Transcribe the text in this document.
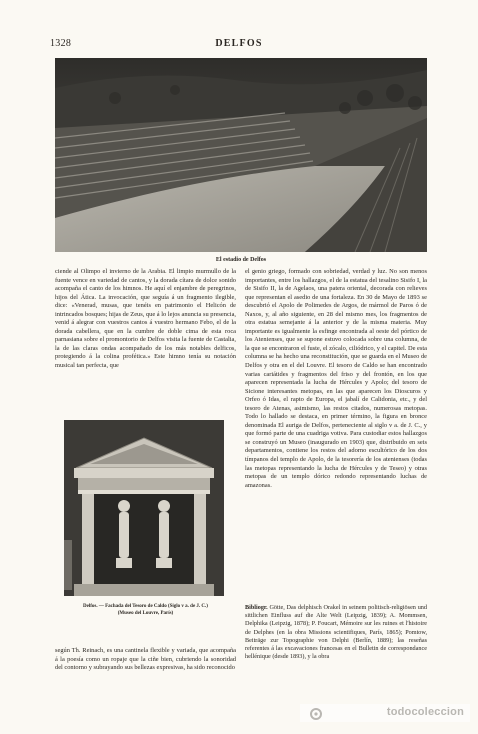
1328	DELFOS
El estadio de Delfos
ciende al Olimpo el invierno de la Arabia. El limpio murmullo de la fuente vence en variedad de cantos, y la dorada cítara de dolce sonido acompaña el canto de los himnos. He aquí el enjambre de peregrinos, hijos del Ática. La invocación, que seguía á un fragmento ilegible, dice: «Venerad, musas, que tenéis en patrimonio el Helicón de intrincados bosques; hijas de Zeus, que á lo lejos anuncia su presencia, venid á alegrar con vuestros cantos á vuestro hermano Febo, el de la dorada cabellera, que en la cumbre de doble cima de esta roca parnasiana sobre el promontorio de Delfos visita la fuente de Castalia, la de las claras ondas acompañado de los más notables delficos, protegiendo á la colina profética.» Este himno tenía su notación musical tan perfecta, que
Delfos. — Fachada del Tesoro de Caldo (Siglo v a. de J. C.)
(Museo del Louvre, París)
según Th. Reinach, es una cantinela flexible y variada, que acompaña á la poesía como un ropaje que la ciñe bien, cubriendo la sonoridad del contorno y subrayando sus bellezas expresivas, ha sido reconocido
el genio griego, formado con sobriedad, verdad y luz. No son menos importantes, entre los hallazgos, el de la estatua del tesalino Sisifo I, la de Sisifo II, la de Agelaos, una patera oriental, decorada con relieves que representan el asedio de una fortaleza. En 30 de Mayo de 1893 se descubrió el Apolo de Polimedes de Argos, de mármol de Paros ó de Naxos, y, al año siguiente, en 28 del mismo mes, los fragmentos de otra estatua semejante á la anterior y de la misma materia. Muy importante es igualmente la esfinge encontrada al oeste del pórtico de los Atenienses, que se supone estuvo colocada sobre una columna, de la que se encontraron el fuste, el zócalo, ciliódrico, y el capitel. De esta columna se ha hecho una reconstitución, que se guarda en el Museo de Delfos y otra en el del Louvre. El tesoro de Caldo se han encontrado varias cariátides y fragmentos del friso y del frontón, en los que aparecen representada la lucha de Hércules y Apolo; del tesoro de Sicione interesantes metopas, en las que aparecen los Dioscuros y Orfeo ó Idas, el rapto de Europa, el jabalí de Calidonia, etc., y del tesoro de Atenas, asimismo, las restos citados, numerosas metopas. Todo lo hallado se destaca, en primer término, la figura en bronce denominada El auriga de Delfos, perteneciente al siglo v a. de J. C., y que formó parte de una cuadriga votiva. Para custodiar estos hallazgos se construyó un Museo (inaugurado en 1903) que, distribuido en seis departamentos, contiene los restos del adorno escultórico de los dos tímpanos del templo de Apolo, de la tesorería de los atenienses (todas las metopas representando la lucha de Hércules y de Teseo) y otras metopas de un templo dórico redondo representando luchas de amazonas.
Bibliogr. Götte, Das delphisch Orakel in seinem politisch-religiösen und sittlichen Einfluss auf die Alte Welt (Leipzig, 1839); A. Mommsen, Delphika (Leipzig, 1878); P. Foucart, Mémoire sur les ruines et l'histoire de Delphes (en la obra Missions scientifiques, París, 1865); Pomtow, Beiträge zur Topographie von Delphi (Berlín, 1889); las reseñas referentes á las excavaciones francesas en el Bulletin de correspondance hellénique (desde 1893), y la obra
todocoleccion
